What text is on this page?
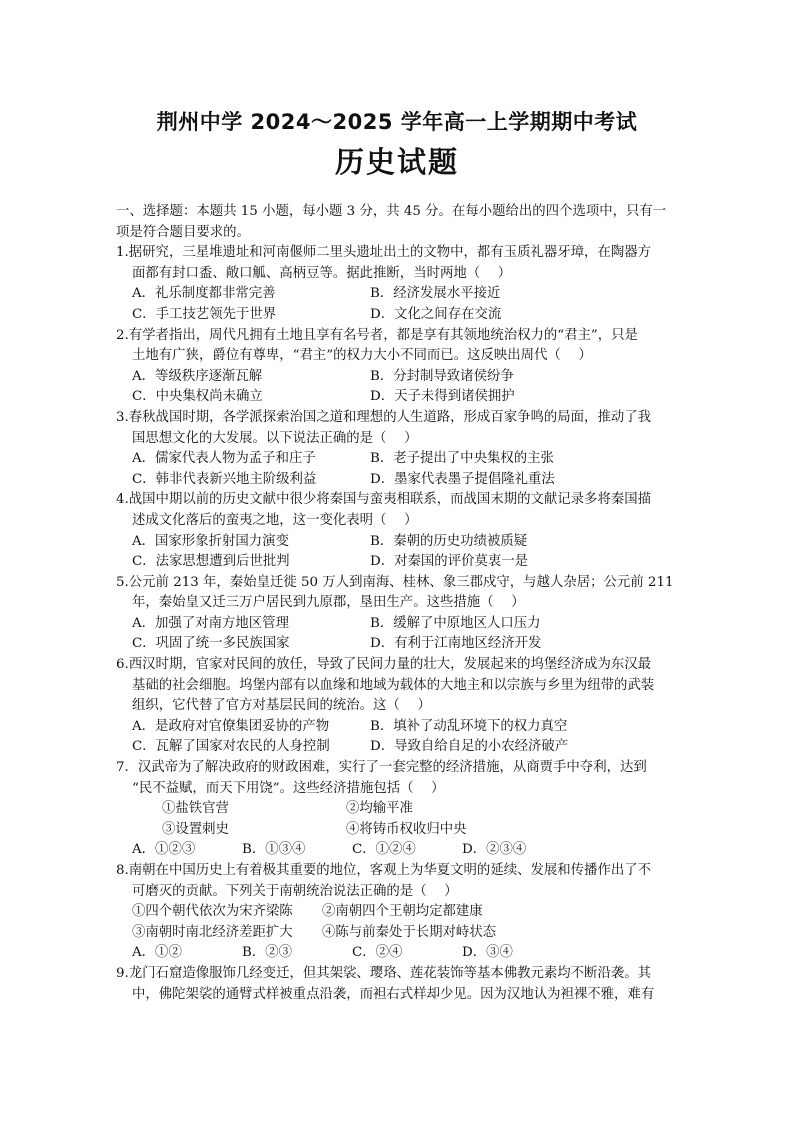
荆州中学 2024～2025 学年高一上学期期中考试
历史试题
一、选择题：本题共 15 小题，每小题 3 分，共 45 分。在每小题给出的四个选项中，只有一
项是符合题目要求的。
1.据研究，三星堆遗址和河南偃师二里头遗址出土的文物中，都有玉质礼器牙璋，在陶器方
面都有封口盉、敞口觚、高柄豆等。据此推断，当时两地（　 ）
A．礼乐制度都非常完善	B．经济发展水平接近
C．手工技艺领先于世界	D．文化之间存在交流
2.有学者指出，周代凡拥有土地且享有名号者，都是享有其领地统治权力的“君主”，只是
土地有广狭，爵位有尊卑，“君主”的权力大小不同而已。这反映出周代（　 ）
A．等级秩序逐渐瓦解	B．分封制导致诸侯纷争
C．中央集权尚未确立	D．天子未得到诸侯拥护
3.春秋战国时期，各学派探索治国之道和理想的人生道路，形成百家争鸣的局面，推动了我
国思想文化的大发展。以下说法正确的是（　 ）
A．儒家代表人物为孟子和庄子	B．老子提出了中央集权的主张
C．韩非代表新兴地主阶级利益	D．墨家代表墨子提倡隆礼重法
4.战国中期以前的历史文献中很少将秦国与蛮夷相联系，而战国末期的文献记录多将秦国描
述成文化落后的蛮夷之地，这一变化表明（　 ）
A．国家形象折射国力演变	B．秦朝的历史功绩被质疑
C．法家思想遭到后世批判	D．对秦国的评价莫衷一是
5.公元前 213 年，秦始皇迁徙 50 万人到南海、桂林、象三郡戍守，与越人杂居；公元前 211
年，秦始皇又迁三万户居民到九原郡，垦田生产。这些措施（　 ）
A．加强了对南方地区管理	B．缓解了中原地区人口压力
C．巩固了统一多民族国家	D．有利于江南地区经济开发
6.西汉时期，官家对民间的放任，导致了民间力量的壮大，发展起来的坞堡经济成为东汉最
基础的社会细胞。坞堡内部有以血缘和地域为载体的大地主和以宗族与乡里为纽带的武装
组织，它代替了官方对基层民间的统治。这（　 ）
A．是政府对官僚集团妥协的产物	B．填补了动乱环境下的权力真空
C．瓦解了国家对农民的人身控制	D．导致自给自足的小农经济破产
7．汉武帝为了解决政府的财政困难，实行了一套完整的经济措施，从商贾手中夺利，达到
“民不益赋，而天下用饶”。这些经济措施包括（　 ）
①盐铁官营	②均输平准
③设置刺史	④将铸币权收归中央
A．①②③	B．①③④	C．①②④	D．②③④
8.南朝在中国历史上有着极其重要的地位，客观上为华夏文明的延续、发展和传播作出了不
可磨灭的贡献。下列关于南朝统治说法正确的是（　 ）
①四个朝代依次为宋齐梁陈	②南朝四个王朝均定都建康
③南朝时南北经济差距扩大	④陈与前秦处于长期对峙状态
A．①②	B．②③	C．②④	D．③④
9.龙门石窟造像服饰几经变迁，但其架裟、璎珞、莲花装饰等基本佛教元素均不断沿袭。其
中，佛陀架裟的通臂式样被重点沿袭，而袒右式样却少见。因为汉地认为袒裸不雅，难有
